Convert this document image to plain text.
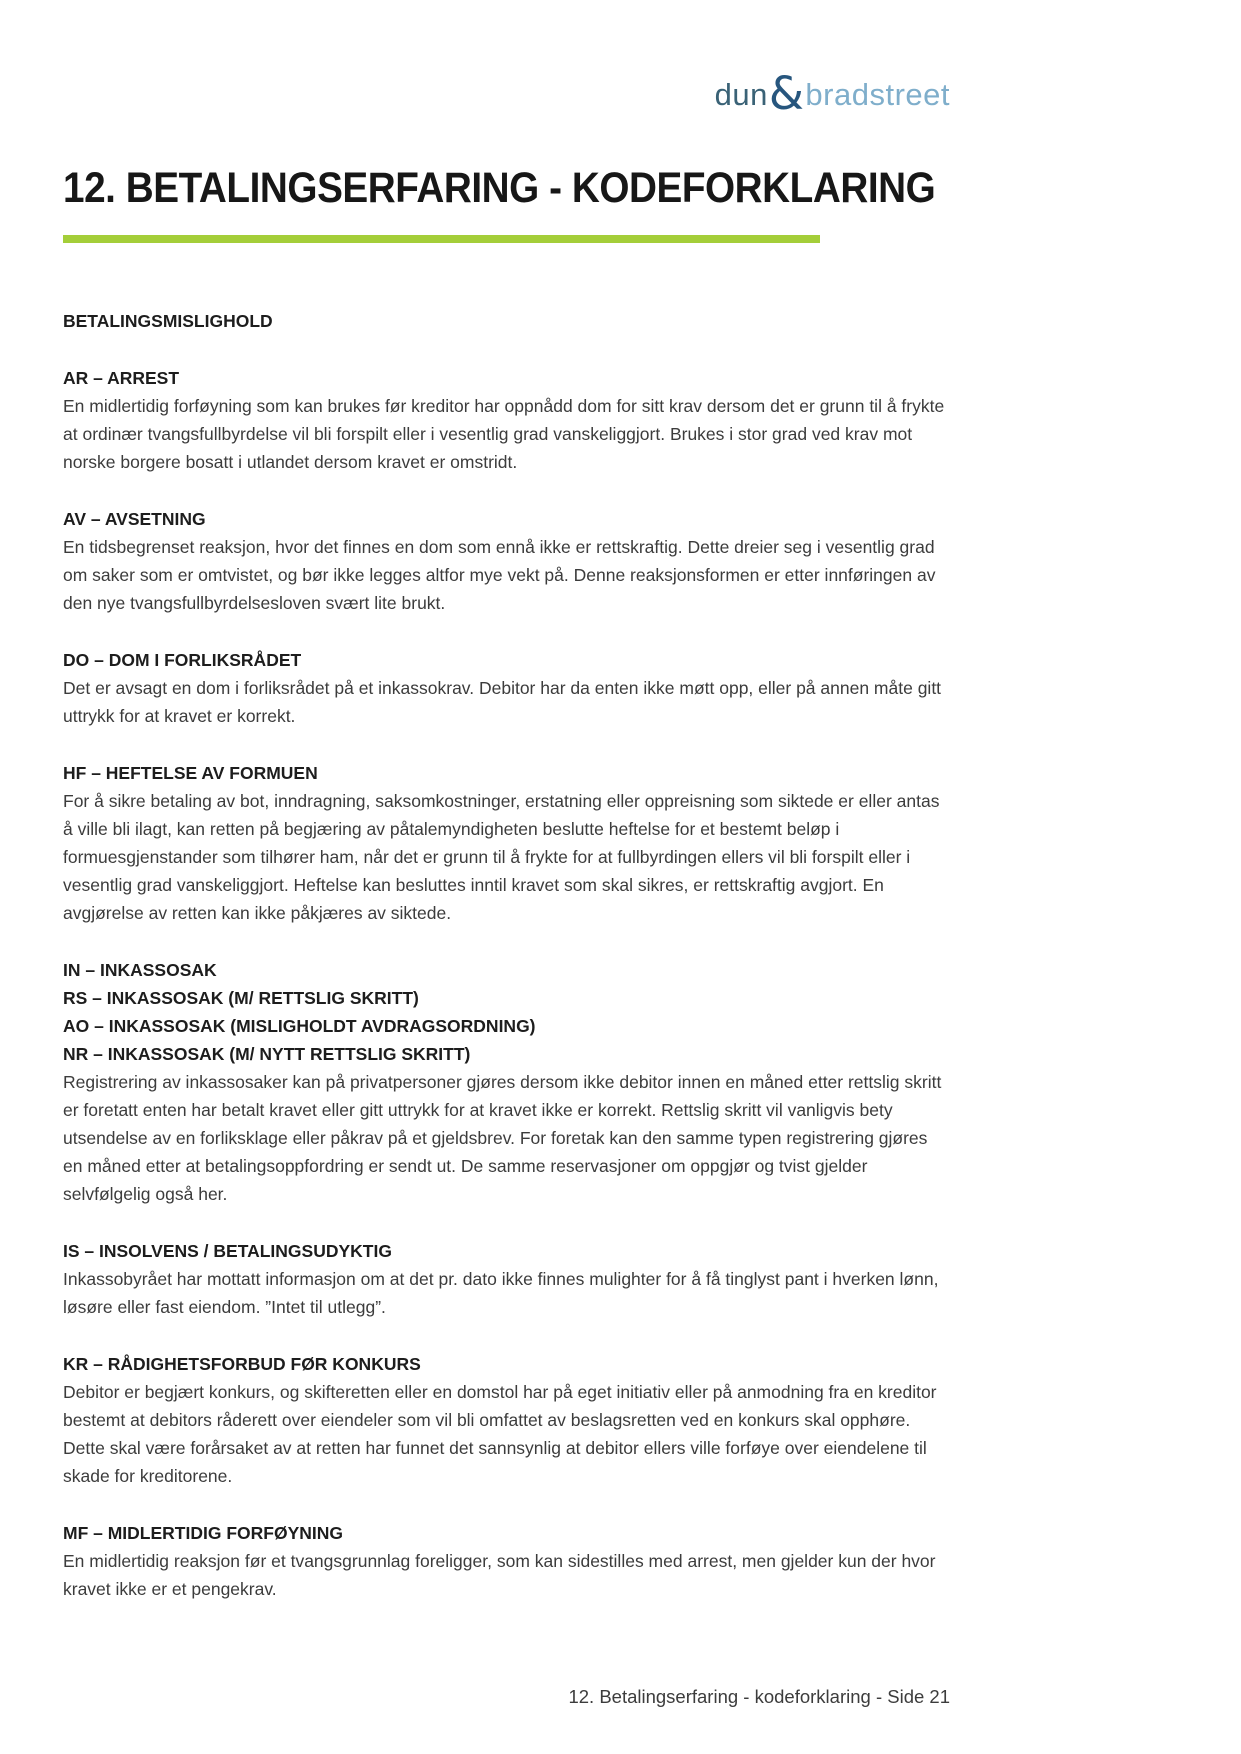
dun&bradstreet
12. BETALINGSERFARING - KODEFORKLARING
BETALINGSMISLIGHOLD
AR – ARREST

En midlertidig forføyning som kan brukes før kreditor har oppnådd dom for sitt krav dersom det er grunn til å frykte at ordinær tvangsfullbyrdelse vil bli forspilt eller i vesentlig grad vanskeliggjort. Brukes i stor grad ved krav mot norske borgere bosatt i utlandet dersom kravet er omstridt.

AV – AVSETNING

En tidsbegrenset reaksjon, hvor det finnes en dom som ennå ikke er rettskraftig. Dette dreier seg i vesentlig grad om saker som er omtvistet, og bør ikke legges altfor mye vekt på. Denne reaksjonsformen er etter innføringen av den nye tvangsfullbyrdelsesloven svært lite brukt.

DO – DOM I FORLIKSRÅDET

Det er avsagt en dom i forliksrådet på et inkassokrav. Debitor har da enten ikke møtt opp, eller på annen måte gitt uttrykk for at kravet er korrekt.

HF – HEFTELSE AV FORMUEN

For å sikre betaling av bot, inndragning, saksomkostninger, erstatning eller oppreisning som siktede er eller antas å ville bli ilagt, kan retten på begjæring av påtalemyndigheten beslutte heftelse for et bestemt beløp i formuesgjenstander som tilhører ham, når det er grunn til å frykte for at fullbyrdingen ellers vil bli forspilt eller i vesentlig grad vanskeliggjort. Heftelse kan besluttes inntil kravet som skal sikres, er rettskraftig avgjort. En avgjørelse av retten kan ikke påkjæres av siktede.

IN – INKASSOSAK
RS – INKASSOSAK (M/ RETTSLIG SKRITT)
AO – INKASSOSAK (MISLIGHOLDT AVDRAGSORDNING)
NR – INKASSOSAK (M/ NYTT RETTSLIG SKRITT)

Registrering av inkassosaker kan på privatpersoner gjøres dersom ikke debitor innen en måned etter rettslig skritt er foretatt enten har betalt kravet eller gitt uttrykk for at kravet ikke er korrekt. Rettslig skritt vil vanligvis bety utsendelse av en forliksklage eller påkrav på et gjeldsbrev. For foretak kan den samme typen registrering gjøres en måned etter at betalingsoppfordring er sendt ut. De samme reservasjoner om oppgjør og tvist gjelder selvfølgelig også her.

IS – INSOLVENS / BETALINGSUDYKTIG

Inkassobyrået har mottatt informasjon om at det pr. dato ikke finnes mulighter for å få tinglyst pant i hverken lønn, løsøre eller fast eiendom. ”Intet til utlegg”.

KR – RÅDIGHETSFORBUD FØR KONKURS

Debitor er begjært konkurs, og skifteretten eller en domstol har på eget initiativ eller på anmodning fra en kreditor bestemt at debitors råderett over eiendeler som vil bli omfattet av beslagsretten ved en konkurs skal opphøre. Dette skal være forårsaket av at retten har funnet det sannsynlig at debitor ellers ville forføye over eiendelene til skade for kreditorene.

MF – MIDLERTIDIG FORFØYNING

En midlertidig reaksjon før et tvangsgrunnlag foreligger, som kan sidestilles med arrest, men gjelder kun der hvor kravet ikke er et pengekrav.

12. Betalingserfaring - kodeforklaring - Side 21
